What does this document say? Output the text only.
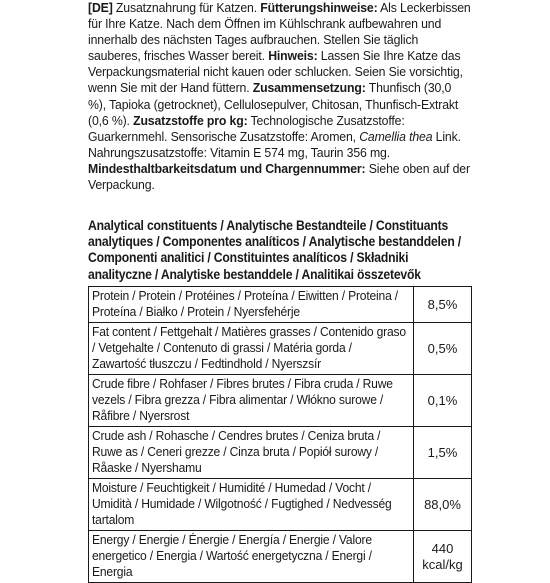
[DE] Zusatznahrung für Katzen. Fütterungshinweise: Als Leckerbissen für Ihre Katze. Nach dem Öffnen im Kühlschrank aufbewahren und innerhalb des nächsten Tages aufbrauchen. Stellen Sie täglich sauberes, frisches Wasser bereit. Hinweis: Lassen Sie Ihre Katze das Verpackungsmaterial nicht kauen oder schlucken. Seien Sie vorsichtig, wenn Sie mit der Hand füttern. Zusammensetzung: Thunfisch (30,0 %), Tapioka (getrocknet), Cellulosepulver, Chitosan, Thunfisch-Extrakt (0,6 %). Zusatzstoffe pro kg: Technologische Zusatzstoffe: Guarkernmehl. Sensorische Zusatzstoffe: Aromen, Camellia thea Link. Nahrungszusatzstoffe: Vitamin E 574 mg, Taurin 356 mg. Mindesthaltbarkeitsdatum und Chargennummer: Siehe oben auf der Verpackung.

Analytical constituents / Analytische Bestandteile / Constituants analytiques / Componentes analíticos / Analytische bestanddelen / Componenti analitici / Constituintes analíticos / Składniki analityczne / Analytiske bestanddele / Analitikai összetevők

Protein / Protein / Protéines / Proteína / Eiwitten / Proteina / Proteína / Białko / Protein / Nyersfehérje	8,5%

Fat content / Fettgehalt / Matières grasses / Contenido graso / Vetgehalte / Contenuto di grassi / Matéria gorda / Zawartość tłuszczu / Fedtindhold / Nyerszsír	0,5%

Crude fibre / Rohfaser / Fibres brutes / Fibra cruda / Ruwe vezels / Fibra grezza / Fibra alimentar / Włókno surowe / Råfibre / Nyersrost	0,1%

Crude ash / Rohasche / Cendres brutes / Ceniza bruta / Ruwe as / Ceneri grezze / Cinza bruta / Popiół surowy / Råaske / Nyershamu	1,5%

Moisture / Feuchtigkeit / Humidité / Humedad / Vocht / Umidità / Humidade / Wilgotność / Fugtighed / Nedvesség tartalom	88,0%

Energy / Energie / Énergie / Energía / Energie / Valore energetico / Energia / Wartość energetyczna / Energi / Energia	440 kcal/kg
